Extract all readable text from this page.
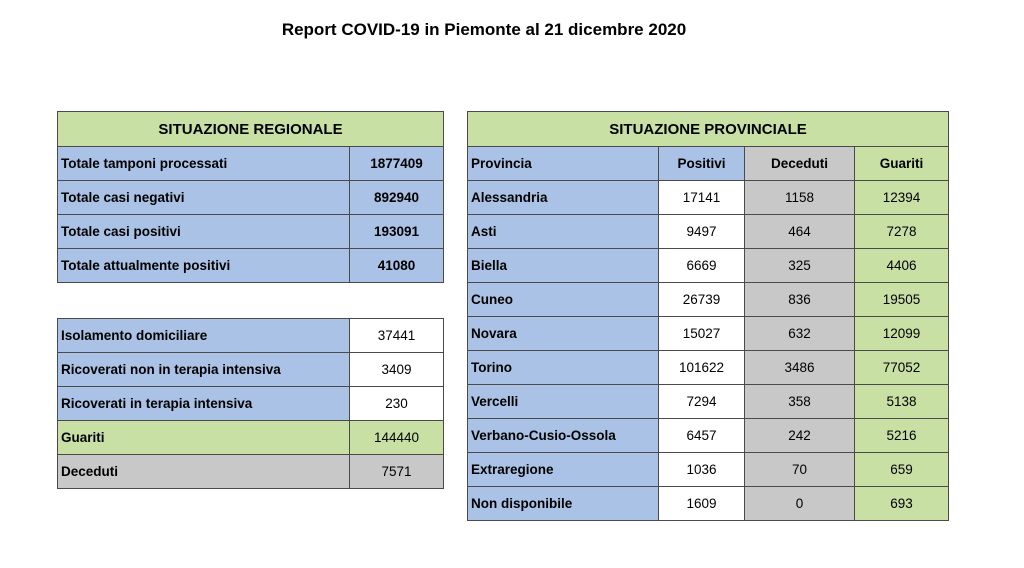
Report COVID-19 in Piemonte al 21 dicembre 2020
SITUAZIONE REGIONALE	
Totale tamponi processati	1877409
Totale casi negativi	892940
Totale casi positivi	193091
Totale attualmente positivi	41080
Isolamento domiciliare	37441
Ricoverati non in terapia intensiva	3409
Ricoverati in terapia intensiva	230
Guariti	144440
Deceduti	7571
SITUAZIONE PROVINCIALE			
Provincia	Positivi	Deceduti	Guariti
Alessandria	17141	1158	12394
Asti	9497	464	7278
Biella	6669	325	4406
Cuneo	26739	836	19505
Novara	15027	632	12099
Torino	101622	3486	77052
Vercelli	7294	358	5138
Verbano-Cusio-Ossola	6457	242	5216
Extraregione	1036	70	659
Non disponibile	1609	0	693
